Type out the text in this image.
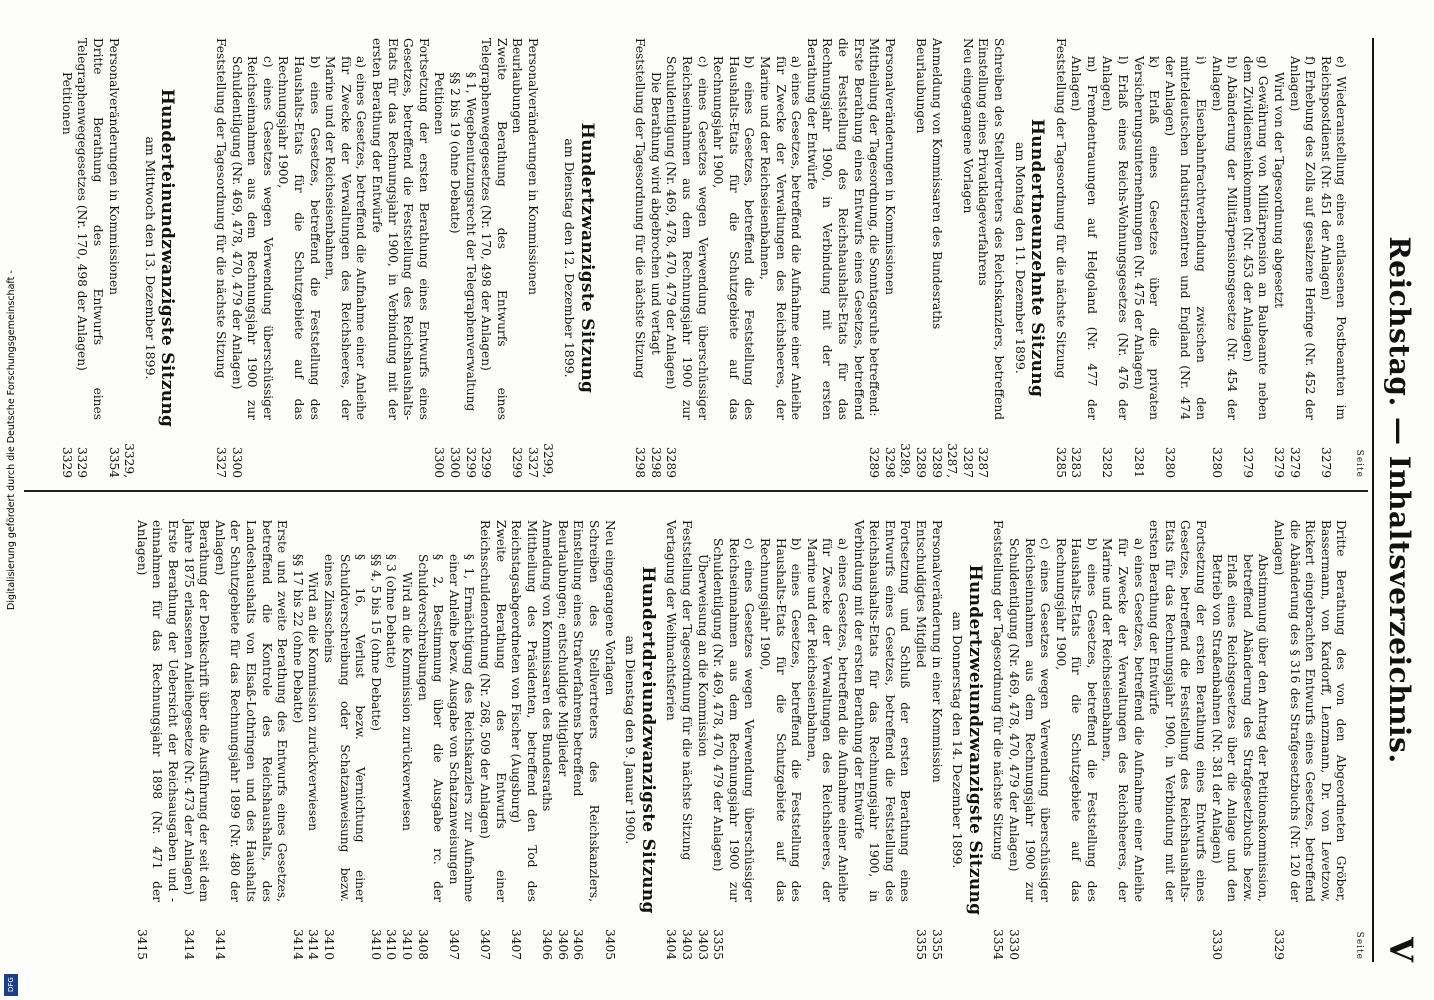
Reichstag. — Inhaltsverzeichnis.
V
Seite
e) Wiederanstellung eines entlassenen Postbeamten im Reichspostdienst (Nr. 451 der Anlagen)
3279
f) Erhebung des Zolls auf gesalzene Heringe (Nr. 452 der Anlagen)
3279
Wird von der Tagesordnung abgesetzt
3279
g) Gewährung von Militärpension an Baubeamte neben dem Zivildiensteinkommen (Nr. 453 der Anlagen)
3279
h) Abänderung der Militärpensionsgesetze (Nr. 454 der Anlagen)
3280
i) Eisenbahnfrachtverbindung zwischen den mitteldeutschen Industriezentren und England (Nr. 474 der Anlagen)
3280
k) Erlaß eines Gesetzes über die privaten Versicherungsunternehmungen (Nr. 475 der Anlagen)
3281
l) Erlaß eines Reichs-Wohnungsgesetzes (Nr. 476 der Anlagen)
3282
m) Fremdentrauungen auf Helgoland (Nr. 477 der Anlagen)
3283
Feststellung der Tagesordnung für die nächste Sitzung
3285
Hundertneunzehnte Sitzung
am Montag den 11. Dezember 1899.
Schreiben des Stellvertreters des Reichskanzlers, betreffend Einstellung eines Privatklageverfahrens
3287
Neu eingegangene Vorlagen
3287
Anmeldung von Kommissaren des Bundesraths
3287, 3289
Beurlaubungen
3289
Personalveränderungen in Kommissionen
3289, 3298
Mittheilung der Tagesordnung, die Sonntagsruhe betreffend:
3289
Erste Berathung eines Entwurfs eines Gesetzes, betreffend die Feststellung des Reichshaushalts-Etats für das Rechnungsjahr 1900, in Verbindung mit der ersten Berathung der Entwürfe
a) eines Gesetzes, betreffend die Aufnahme einer Anleihe für Zwecke der Verwaltungen des Reichsheeres, der Marine und der Reichseisenbahnen,
b) eines Gesetzes, betreffend die Feststellung des Haushalts-Etats für die Schutzgebiete auf das Rechnungsjahr 1900,
c) eines Gesetzes wegen Verwendung überschüssiger Reichseinnahmen aus dem Rechnungsjahr 1900 zur Schuldentilgung (Nr. 469, 478, 470, 479 der Anlagen)
3289
Die Berathung wird abgebrochen und vertagt
3298
Feststellung der Tagesordnung für die nächste Sitzung
3298
Hundertzwanzigste Sitzung
am Dienstag den 12. Dezember 1899.
Personalveränderungen in Kommissionen
3299, 3327
Beurlaubungen
3299
Zweite Berathung des Entwurfs eines Telegraphenwegegesetzes (Nr. 170, 498 der Anlagen)
3299
§ 1, Wegebenutzungsrecht der Telegraphenverwaltung
3299
§§ 2 bis 19 (ohne Debatte)
3300
Petitionen
3300
Fortsetzung der ersten Berathung eines Entwurfs eines Gesetzes, betreffend die Feststellung des Reichshaushalts-Etats für das Rechnungsjahr 1900, in Verbindung mit der ersten Berathung der Entwürfe
a) eines Gesetzes, betreffend die Aufnahme einer Anleihe für Zwecke der Verwaltungen des Reichsheeres, der Marine und der Reichseisenbahnen,
b) eines Gesetzes, betreffend die Feststellung des Haushalts-Etats für die Schutzgebiete auf das Rechnungsjahr 1900,
c) eines Gesetzes wegen Verwendung überschüssiger Reichseinnahmen aus dem Rechnungsjahr 1900 zur Schuldentilgung (Nr. 469, 478, 470, 479 der Anlagen)
3300
Feststellung der Tagesordnung für die nächste Sitzung
3327
Hunderteinundzwanzigste Sitzung
am Mittwoch den 13. Dezember 1899.
Personalveränderungen in Kommissionen
3329, 3354
Dritte Berathung des Entwurfs eines Telegraphenwegegesetzes (Nr. 170, 498 der Anlagen)
3329
Petitionen
3329
Seite
Dritte Berathung des von den Abgeordneten Gröber, Bassermann, von Kardorff, Lenzmann, Dr. von Levetzow, Rickert eingebrachten Entwurfs eines Gesetzes, betreffend die Abänderung des § 316 des Strafgesetzbuchs (Nr. 120 der Anlagen)
3329
Abstimmung über den Antrag der Petitionskommission, betreffend Abänderung des Strafgesetzbuchs bezw. Erlaß eines Reichsgesetzes über die Anlage und den Betrieb von Straßenbahnen (Nr. 381 der Anlagen)
3330
Fortsetzung der ersten Berathung eines Entwurfs eines Gesetzes, betreffend die Feststellung des Reichshaushalts-Etats für das Rechnungsjahr 1900, in Verbindung mit der ersten Berathung der Entwürfe
a) eines Gesetzes, betreffend die Aufnahme einer Anleihe für Zwecke der Verwaltungen des Reichsheeres, der Marine und der Reichseisenbahnen,
b) eines Gesetzes, betreffend die Feststellung des Haushalts-Etats für die Schutzgebiete auf das Rechnungsjahr 1900,
c) eines Gesetzes wegen Verwendung überschüssiger Reichseinnahmen aus dem Rechnungsjahr 1900 zur Schuldentilgung (Nr. 469, 478, 470, 479 der Anlagen)
3330
Feststellung der Tagesordnung für die nächste Sitzung
3354
Hundertzweiundzwanzigste Sitzung
am Donnerstag den 14. Dezember 1899.
Personalveränderung in einer Kommission
3355
Entschuldigtes Mitglied
3355
Fortsetzung und Schluß der ersten Berathung eines Entwurfs eines Gesetzes, betreffend die Feststellung des Reichshaushalts-Etats für das Rechnungsjahr 1900, in Verbindung mit der ersten Berathung der Entwürfe
a) eines Gesetzes, betreffend die Aufnahme einer Anleihe für Zwecke der Verwaltungen des Reichsheeres, der Marine und der Reichseisenbahnen,
b) eines Gesetzes, betreffend die Feststellung des Haushalts-Etats für die Schutzgebiete auf das Rechnungsjahr 1900,
c) eines Gesetzes wegen Verwendung überschüssiger Reichseinnahmen aus dem Rechnungsjahr 1900 zur Schuldentilgung (Nr. 469, 478, 470, 479 der Anlagen)
3355
Überweisung an die Kommission
3403
Feststellung der Tagesordnung für die nächste Sitzung
3403
Vertagung der Weihnachtsferien
3404
Hundertdreiundzwanzigste Sitzung
am Dienstag den 9. Januar 1900.
Neu eingegangene Vorlagen
3405
Schreiben des Stellvertreters des Reichskanzlers, Einstellung eines Strafverfahrens betreffend
3406
Beurlaubungen; entschuldigte Mitglieder
3406
Anmeldung von Kommissaren des Bundesraths
3406
Mittheilung des Präsidenten, betreffend den Tod des Reichstagsabgeordneten von Fischer (Augsburg)
3407
Zweite Berathung des Entwurfs einer Reichsschuldenordnung (Nr. 268, 509 der Anlagen)
3407
§ 1, Ermächtigung des Reichskanzlers zur Aufnahme einer Anleihe bezw. Ausgabe von Schatzanweisungen
3407
§ 2, Bestimmung über die Ausgabe rc. der Schuldverschreibungen
3408
Wird an die Kommission zurückverwiesen
3410
§ 3 (ohne Debatte)
3410
§§ 4, 5 bis 15 (ohne Debatte)
3410
§ 16, Verlust bezw. Vernichtung einer Schuldverschreibung oder Schatzanweisung bezw. eines Zinsscheins
3410
Wird an die Kommission zurückverwiesen
3414
§§ 17 bis 22 (ohne Debatte)
3414
Erste und zweite Berathung des Entwurfs eines Gesetzes, betreffend die Kontrole des Reichshaushalts, des Landeshaushalts von Elsaß-Lothringen und des Haushalts der Schutzgebiete für das Rechnungsjahr 1899 (Nr. 480 der Anlagen)
3414
Berathung der Denkschrift über die Ausführung der seit dem Jahre 1875 erlassenen Anleihegesetze (Nr. 473 der Anlagen)
3414
Erste Berathung der Uebersicht der Reichsausgaben und -einnahmen für das Rechnungsjahr 1898 (Nr. 471 der Anlagen)
3415
Digitalisierung gefördert durch die Deutsche Forschungsgemeinschaft -
DFG
